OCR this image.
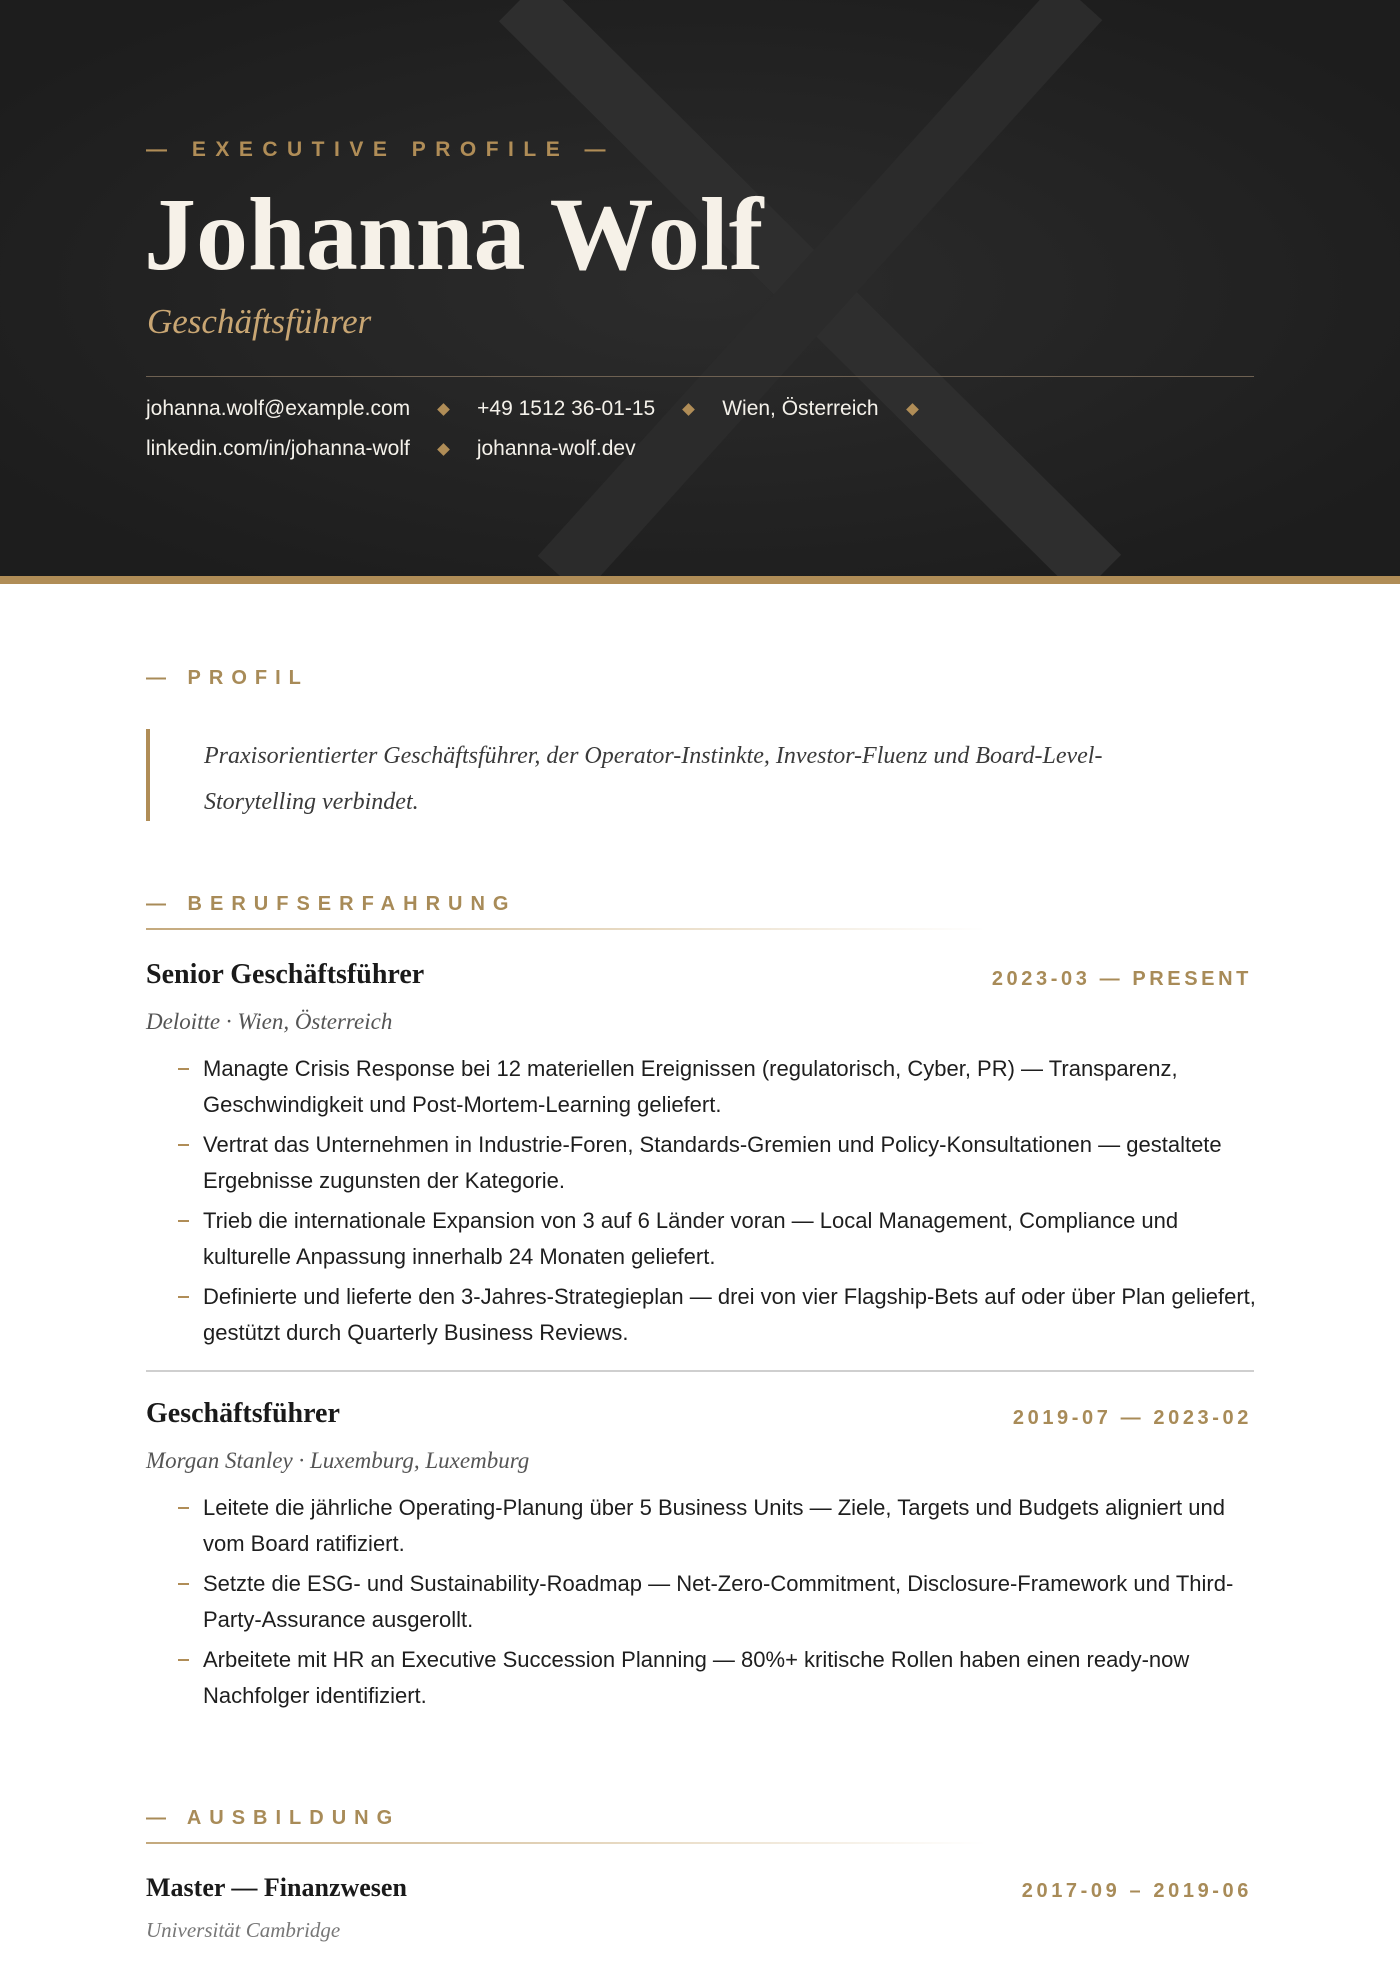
— EXECUTIVE PROFILE —
Johanna Wolf
Geschäftsführer
johanna.wolf@example.com	+49 1512 36-01-15	Wien, Österreich
linkedin.com/in/johanna-wolf	johanna-wolf.dev
— PROFIL

Praxisorientierter Geschäftsführer, der Operator-Instinkte, Investor-Fluenz und Board-Level-Storytelling verbindet.

— BERUFSERFAHRUNG
Senior Geschäftsführer	2023-03 — PRESENT
Deloitte · Wien, Österreich
Managte Crisis Response bei 12 materiellen Ereignissen (regulatorisch, Cyber, PR) — Transparenz, Geschwindigkeit und Post-Mortem-Learning geliefert.
Vertrat das Unternehmen in Industrie-Foren, Standards-Gremien und Policy-Konsultationen — gestaltete Ergebnisse zugunsten der Kategorie.
Trieb die internationale Expansion von 3 auf 6 Länder voran — Local Management, Compliance und kulturelle Anpassung innerhalb 24 Monaten geliefert.
Definierte und lieferte den 3-Jahres-Strategieplan — drei von vier Flagship-Bets auf oder über Plan geliefert, gestützt durch Quarterly Business Reviews.
Geschäftsführer	2019-07 — 2023-02
Morgan Stanley · Luxemburg, Luxemburg
Leitete die jährliche Operating-Planung über 5 Business Units — Ziele, Targets und Budgets aligniert und vom Board ratifiziert.
Setzte die ESG- und Sustainability-Roadmap — Net-Zero-Commitment, Disclosure-Framework und Third-Party-Assurance ausgerollt.
Arbeitete mit HR an Executive Succession Planning — 80%+ kritische Rollen haben einen ready-now Nachfolger identifiziert.
— AUSBILDUNG
Master — Finanzwesen	2017-09 – 2019-06
Universität Cambridge
